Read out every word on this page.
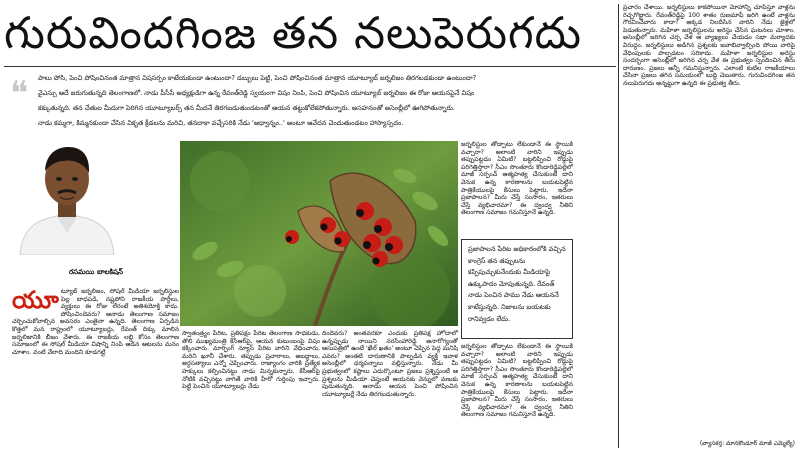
గురువిందగింజ తన నలుపెరుగదు
❝	పాలు పోసి, పెంచి పోషించినంత మాత్రాన విషసర్పం కాటేయకుండా ఉంటుందా? డబ్బులు పెట్టి, పెంచి పోషించినంత మాత్రాన యూట్యూబ్ జర్నలిజం తిరగబడకుండా ఉంటుందా?
వైఎస్సు ఆదే జరుగుతున్నది తెలంగాణలో. నాడు పీసీసీ అధ్యక్షుడిగా ఉన్న రేవంత్‌రెడ్డి స్వయంగా విషం నింపి, పెంచి పోషించిన యూట్యూబ్ జర్నలిజం ఈ రోజు ఆయనపైనే విషం
కక్కుతున్నది. తన చేతుల మీదుగా పెరిగిన యూట్యూబర్స్ తన మీదనే తిరగబడుతుండటంతో ఆయన తట్టుకోలేకపోతున్నారు. అసహనంతో అసెంబ్లీలో ఊగిపోతున్నారు.
నాడు కమ్మగా, కిమ్మనకుండా చేసిన వికృత క్రీడలను మరిచి, తనదాకా వచ్చేసరికి నేడు 'అధ్వాన్నం..' అంటూ ఆవేదన చెందుతుండటం హాస్యాస్పదం.
రసమయి బాలకిషన్
యూట్యూబ్ జర్నలిజం, సోషల్ మీడియా జర్నలిస్టుల పెల్ల బాధపడి, నష్టపోని రాజకీయ పార్టీలు, వ్యక్తులు ఈ రోజు లేరంటే అతిశయోక్తి కాదు. పోషించిందెవరు? ఆనాడు తెలంగాణ సమాజం చర్చించుకోవాల్సిన అవసరం ఎంతైనా ఉన్నది. తెలంగాణ ఏర్పడిన కొత్తలో మన రాష్ట్రంలో యూట్యూబర్లు, రేవంత్ దిక్కు మాలిన జర్నలిజానికి బీజం వేశారు. ఈ రాజకీయ లబ్ధి కోసం తెలంగాణ సమాజంలో ఈ సోషల్ మీడియా విషాన్ని నింపి ఆడిన ఆటలను మనం చూశాం. వంటి వేలాది మందిని కూడగట్టి
స్వాతంత్ర్యం పేరిట, ప్రతిపక్షం పేరిట తెలంగాణ సాధకుడు, తొలి ముఖ్యమంత్రి కేసీఆర్‌పై, ఆయన కుటుంబంపై విషం కక్కించారు. మార్ఫింగ్ న్యూస్ పేరిట వారిని వేధించారు, మరిని ఖూనీ చేశారు. తప్పుడు ప్రచారాలు, అబద్ధాలు, అర్ధసత్యాలు ఎన్నో చెప్పించారు. రాజ్యాంగం వారికి ప్రత్యేక హక్కులు కల్పించినట్టు నాడు మిన్నకున్నారు. కేసీఆర్‌పై నోటికి వచ్చినట్టు వాగితే వారికి హీరో గుర్తింపు ఇచ్చారు. పెట్టి పెంచిన యూట్యూబర్లు నేడు
దిందెవరు? అంతవరకూ ఎందుకు ప్రతిపక్ష హోదాలో ఉన్నప్పుడు నాయిని నరసింహారెడ్డి అనారోగ్యంతో ఆసుపత్రిలో ఉంటే 'ఖేల్ ఖతం' అంటూ చెప్పిన పెద్ద మనిషి ఎవరు? అంతటి దారుణానికి పాల్పడిన వ్యక్తి ఇవాళ అసెంబ్లీలో ధర్మపన్నాలు వల్లిస్తున్నారు. నేడు మీ ప్రభుత్వంలో కష్టాలు ఎదుర్కొంటూ ప్రజలు ప్రశ్నిస్తుంటే ఆ ప్రశ్నలను మీడియా చెప్తుంటే ఆయనకు వెన్నులో వణుకు పుడుతున్నది. ఆనాడు ఆయన పెంచి పోషించిన యూట్యూబర్లే నేడు తిరగబడుతున్నారు.
జర్నలిస్టుల తోడ్పాటు లేకుండానే ఈ స్థాయికి వచ్చారా? అలాంటి వారిని ఇప్పుడు తప్పుపట్టడం ఏమిటి? బట్టలిప్పించి రోడ్డుపై పరిగెత్తిస్తారా? సీఎం సొంతూరు కొండారెడ్డిపల్లెలో మాజీ సర్పంచ్ ఆత్మహత్య చేసుకుంటే దాని వెనుక ఉన్న కారణాలను బయటపెట్టిన పాత్రికేయులపై కేసులు పెట్టారు. ఇదేనా ప్రజాపాలన? మీరు చేస్తే సంసారం, ఇతరులు చేస్తే వ్యభిచారమా? ఈ ద్వంద్వ నీతిని తెలంగాణ సమాజం గమనిస్తూనే ఉన్నది.
ప్రజాపాలన పేరిట అధికారంలోకి వచ్చిన కాంగ్రెస్ తన తప్పులను కప్పిపుచ్చుకునేందుకు మీడియాపై ఉక్కుపాదం మోపుతున్నది. రేవంత్ నాడు పెంచిన పాము నేడు ఆయననే కాటేస్తున్నది. నిజాలను బయటకు రానివ్వడం లేదు.
జర్నలిస్టుల తోడ్పాటు లేకుండానే ఈ స్థాయికి వచ్చారా? అలాంటి వారిని ఇప్పుడు తప్పుపట్టడం ఏమిటి? బట్టలిప్పించి రోడ్డుపై పరిగెత్తిస్తారా? సీఎం సొంతూరు కొండారెడ్డిపల్లెలో మాజీ సర్పంచ్ ఆత్మహత్య చేసుకుంటే దాని వెనుక ఉన్న కారణాలను బయటపెట్టిన పాత్రికేయులపై కేసులు పెట్టారు. ఇదేనా ప్రజాపాలన? మీరు చేస్తే సంసారం, ఇతరులు చేస్తే వ్యభిచారమా? ఈ ద్వంద్వ నీతిని తెలంగాణ సమాజం గమనిస్తూనే ఉన్నది.
ప్రచారం చేశాయి. జర్నలిస్టులు కాకపోయినా మోహాన్ని చూపిస్తూ వాళ్లను రెచ్చగొట్టారు. రేవంత్‌రెడ్డిపై 100 శాతం రుణమాఫీ జరిగి ఉంటే వాళ్లను గౌరవించేవారు కాదా? అక్కడ నిలదీసిన వారిని నేడు జైళ్లలో పెడుతున్నారు. మహిళా జర్నలిస్టులను అరెస్టు చేసిన ఘటనలు చూశాం. అసెంబ్లీలో జరిగిన చర్చ వేళ ఆ వ్యాఖ్యలు చేయడం సభా మర్యాదకు విరుద్ధం. జర్నలిస్టులు అడిగిన ప్రశ్నలకు జవాబివ్వాల్సింది పోయి వారిపై వేధింపులకు పాల్పడటం సరికాదు. మహిళా జర్నలిస్టుల అరెస్టు సందర్భంగా అసెంబ్లీలో జరిగిన చర్చ వేళ ఈ ప్రభుత్వం స్పందించిన తీరు దారుణం. ప్రజలు అన్నీ గమనిస్తున్నారు. ఎలాంటి కుటిల రాజకీయాలు చేసినా ప్రజలు తగిన సమయంలో బుద్ధి చెబుతారు. గురువిందగింజ తన నలుపెరుగదు అన్నట్టుగా ఉన్నది ఈ ప్రభుత్వ తీరు.
(వ్యాసకర్త: మానకొండూర్ మాజీ ఎమ్మెల్యే)
